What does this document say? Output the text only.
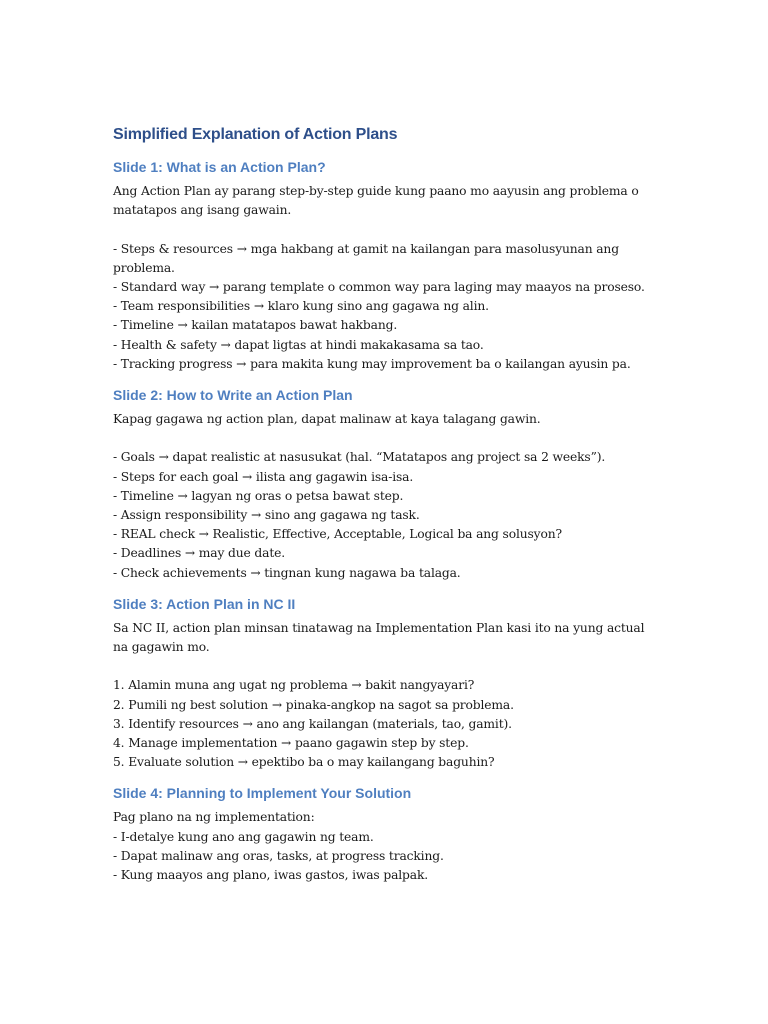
Simplified Explanation of Action Plans
Slide 1: What is an Action Plan?

Ang Action Plan ay parang step-by-step guide kung paano mo aayusin ang problema o matatapos ang isang gawain.

- Steps & resources → mga hakbang at gamit na kailangan para masolusyunan ang problema.

- Standard way → parang template o common way para laging may maayos na proseso.

- Team responsibilities → klaro kung sino ang gagawa ng alin.

- Timeline → kailan matatapos bawat hakbang.

- Health & safety → dapat ligtas at hindi makakasama sa tao.

- Tracking progress → para makita kung may improvement ba o kailangan ayusin pa.

Slide 2: How to Write an Action Plan

Kapag gagawa ng action plan, dapat malinaw at kaya talagang gawin.

- Goals → dapat realistic at nasusukat (hal. “Matatapos ang project sa 2 weeks”).

- Steps for each goal → ilista ang gagawin isa-isa.

- Timeline → lagyan ng oras o petsa bawat step.

- Assign responsibility → sino ang gagawa ng task.

- REAL check → Realistic, Effective, Acceptable, Logical ba ang solusyon?

- Deadlines → may due date.

- Check achievements → tingnan kung nagawa ba talaga.

Slide 3: Action Plan in NC II

Sa NC II, action plan minsan tinatawag na Implementation Plan kasi ito na yung actual na gagawin mo.

1. Alamin muna ang ugat ng problema → bakit nangyayari?

2. Pumili ng best solution → pinaka-angkop na sagot sa problema.

3. Identify resources → ano ang kailangan (materials, tao, gamit).

4. Manage implementation → paano gagawin step by step.

5. Evaluate solution → epektibo ba o may kailangang baguhin?

Slide 4: Planning to Implement Your Solution

Pag plano na ng implementation:

- I-detalye kung ano ang gagawin ng team.

- Dapat malinaw ang oras, tasks, at progress tracking.

- Kung maayos ang plano, iwas gastos, iwas palpak.
